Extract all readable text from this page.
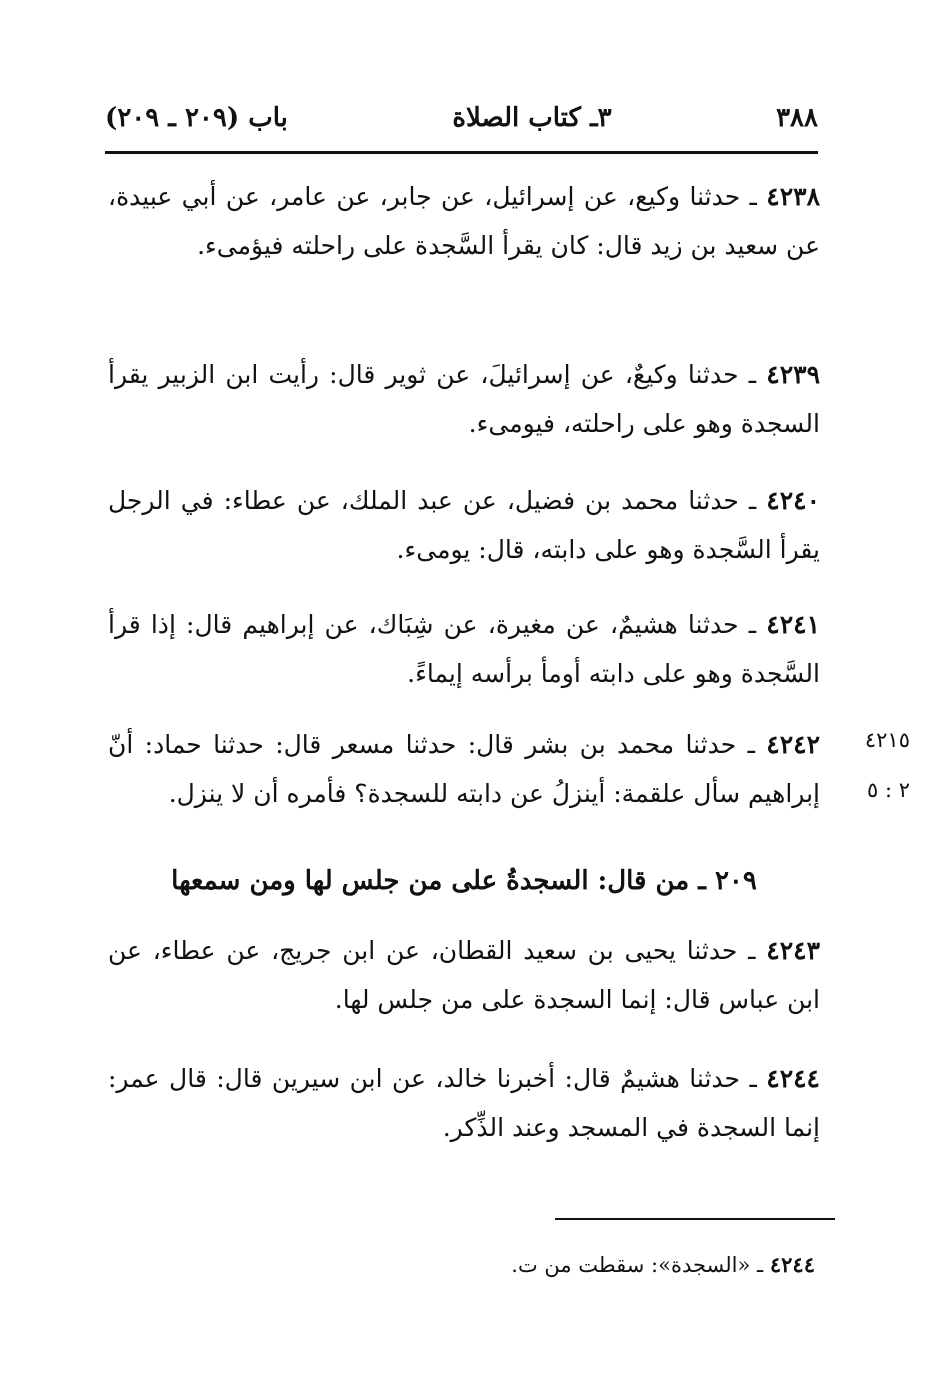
٣٨٨
٣ـ كتاب الصلاة
باب (٢٠٩ ـ ٢٠٩)

٤٢٣٨ ـ حدثنا وكيع، عن إسرائيل، عن جابر، عن عامر، عن أبي عبيدة، عن سعيد بن زيد قال: كان يقرأ السَّجدة على راحلته فيؤمىء.

٤٢٣٩ ـ حدثنا وكيعٌ، عن إسرائيلَ، عن ثوير قال: رأيت ابن الزبير يقرأ السجدة وهو على راحلته، فيومىء.

٤٢٤٠ ـ حدثنا محمد بن فضيل، عن عبد الملك، عن عطاء: في الرجل يقرأ السَّجدة وهو على دابته، قال: يومىء.

٤٢٤١ ـ حدثنا هشيمٌ، عن مغيرة، عن شِبَاك، عن إبراهيم قال: إذا قرأ السَّجدة وهو على دابته أومأ برأسه إيماءً.

٤٢٤٢ ـ حدثنا محمد بن بشر قال: حدثنا مسعر قال: حدثنا حماد: أنّ إبراهيم سأل علقمة: أينزلُ عن دابته للسجدة؟ فأمره أن لا ينزل.

٤٢١٥
٢ : ٥
٢٠٩ ـ من قال: السجدةُ على من جلس لها ومن سمعها

٤٢٤٣ ـ حدثنا يحيى بن سعيد القطان، عن ابن جريج، عن عطاء، عن ابن عباس قال: إنما السجدة على من جلس لها.

٤٢٤٤ ـ حدثنا هشيمٌ قال: أخبرنا خالد، عن ابن سيرين قال: قال عمر: إنما السجدة في المسجد وعند الذِّكر.

٤٢٤٤ ـ «السجدة»: سقطت من ت.
